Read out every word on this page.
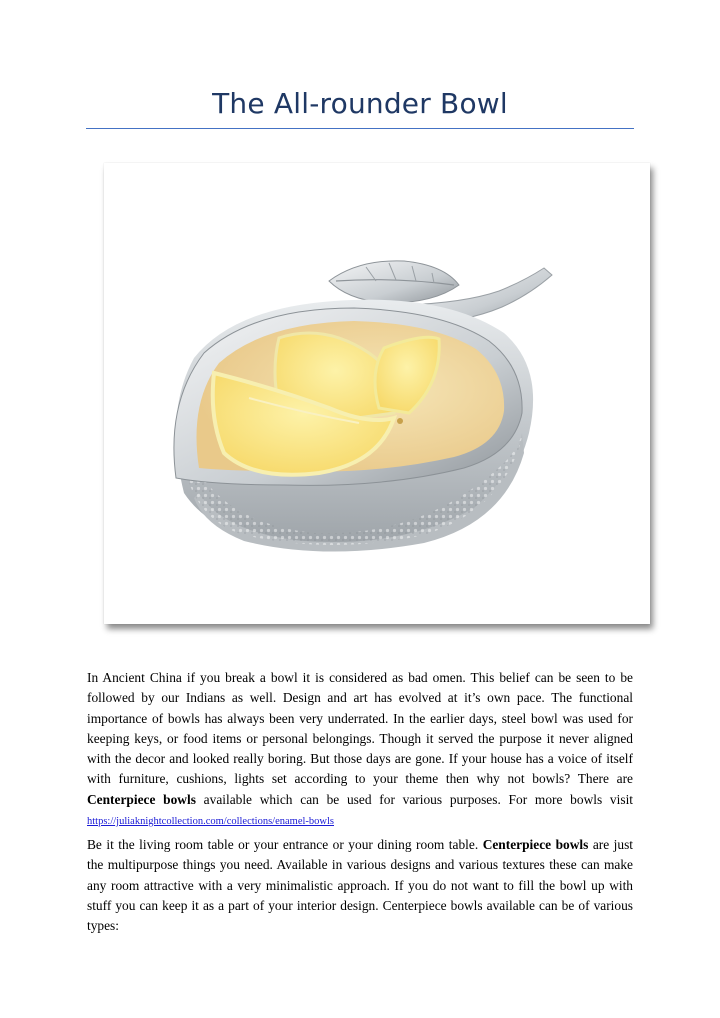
The All-rounder Bowl

In Ancient China if you break a bowl it is considered as bad omen. This belief can be seen to be followed by our Indians as well. Design and art has evolved at it’s own pace. The functional importance of bowls has always been very underrated. In the earlier days, steel bowl was used for keeping keys, or food items or personal belongings. Though it served the purpose it never aligned with the decor and looked really boring. But those days are gone. If your house has a voice of itself with furniture, cushions, lights set according to your theme then why not bowls? There are Centerpiece bowls available which can be used for various purposes. For more bowls visit https://juliaknightcollection.com/collections/enamel-bowls

Be it the living room table or your entrance or your dining room table. Centerpiece bowls are just the multipurpose things you need. Available in various designs and various textures these can make any room attractive with a very minimalistic approach. If you do not want to fill the bowl up with stuff you can keep it as a part of your interior design. Centerpiece bowls available can be of various types:
